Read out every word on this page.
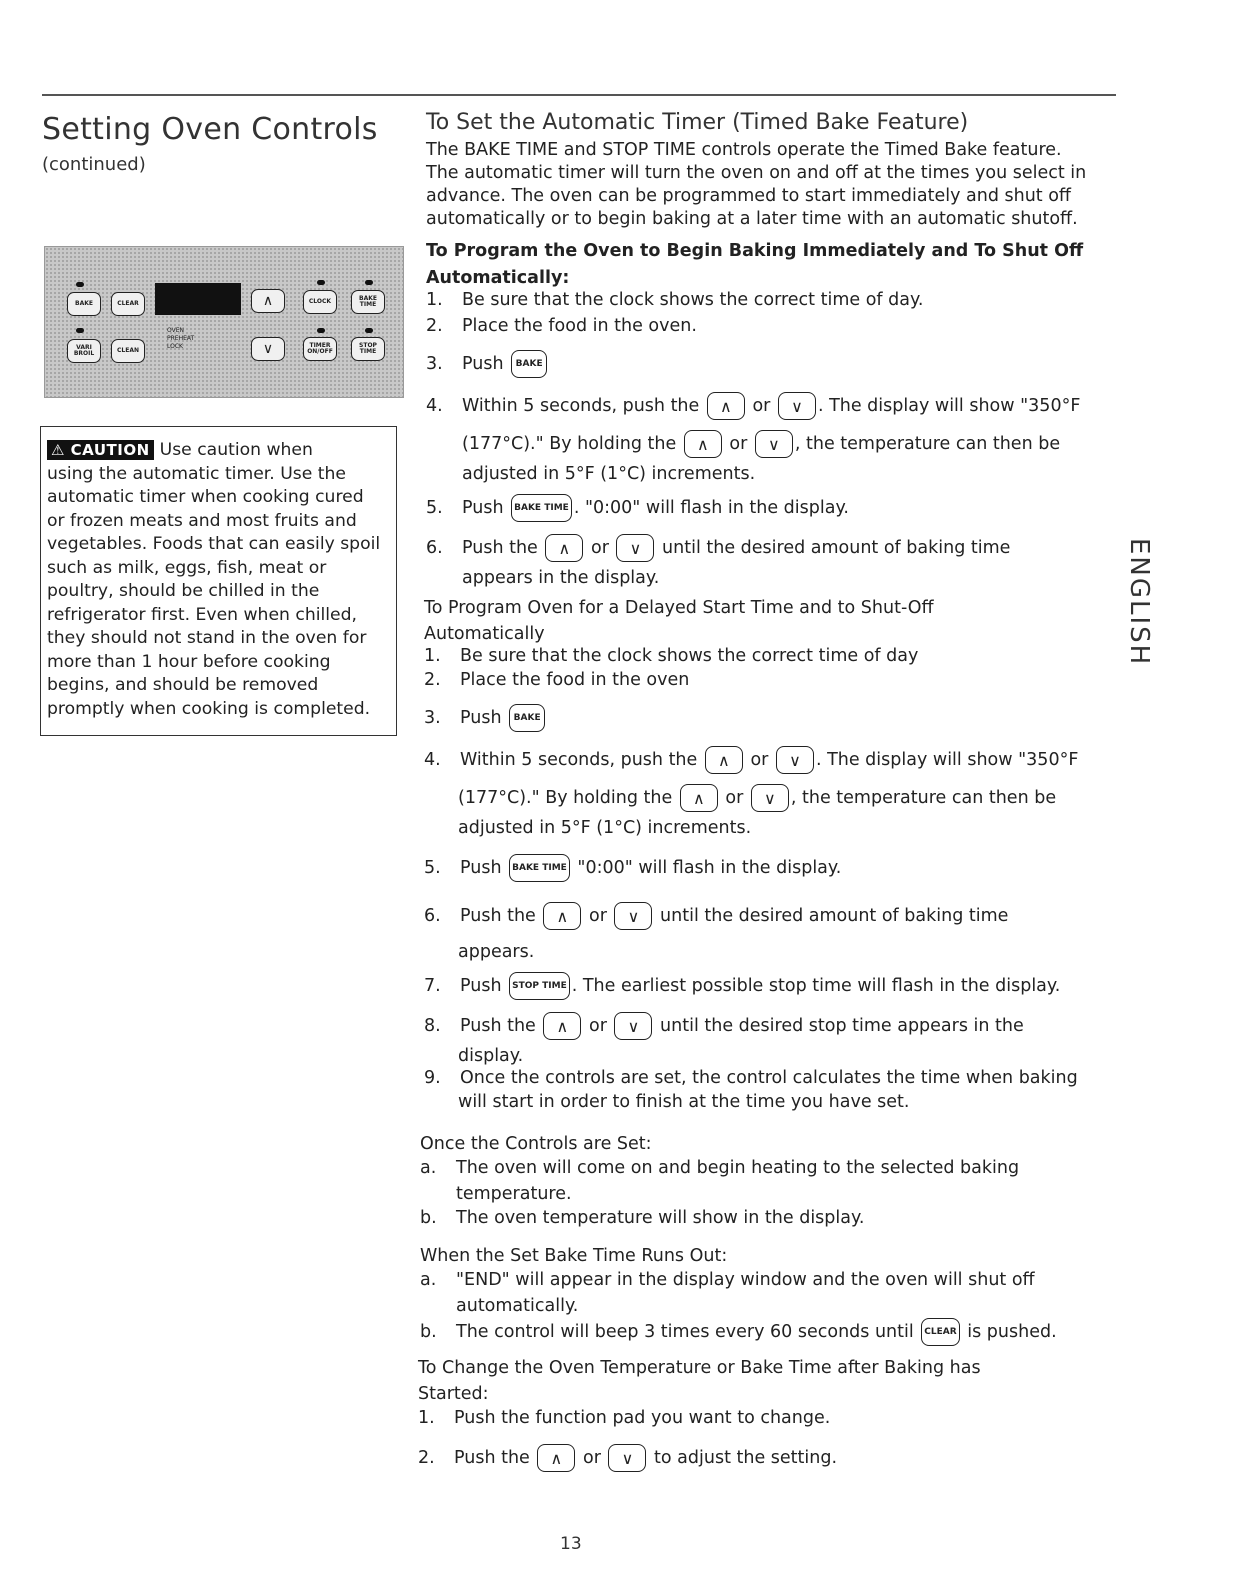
Setting Oven Controls
(continued)
BAKE	CLEAR
VARI BROIL	CLEAN
OVEN
PREHEAT
LOCK
∧
∨
CLOCK	BAKE TIME
TIMER ON/OFF
STOP TIME
⚠ CAUTION Use caution when
using the automatic timer. Use the
automatic timer when cooking cured
or frozen meats and most fruits and
vegetables. Foods that can easily spoil
such as milk, eggs, fish, meat or
poultry, should be chilled in the
refrigerator first. Even when chilled,
they should not stand in the oven for
more than 1 hour before cooking
begins, and should be removed
promptly when cooking is completed.
To Set the Automatic Timer (Timed Bake Feature)
The BAKE TIME and STOP TIME controls operate the Timed Bake feature.
The automatic timer will turn the oven on and off at the times you select in
advance. The oven can be programmed to start immediately and shut off
automatically or to begin baking at a later time with an automatic shutoff.
To Program the Oven to Begin Baking Immediately and To Shut Off
Automatically:
1. Be sure that the clock shows the correct time of day.
2. Place the food in the oven.
3. Push BAKE
4. Within 5 seconds, push the ∧ or ∨ . The display will show "350°F
(177°C)." By holding the ∧ or ∨ , the temperature can then be
adjusted in 5°F (1°C) increments.
5. Push BAKE TIME . "0:00" will flash in the display.
6. Push the ∧ or ∨ until the desired amount of baking time
appears in the display.
To Program Oven for a Delayed Start Time and to Shut-Off
Automatically
1. Be sure that the clock shows the correct time of day
2. Place the food in the oven
3. Push BAKE
4. Within 5 seconds, push the ∧ or ∨ . The display will show "350°F
(177°C)." By holding the ∧ or ∨ , the temperature can then be
adjusted in 5°F (1°C) increments.
5. Push BAKE TIME "0:00" will flash in the display.
6. Push the ∧ or ∨ until the desired amount of baking time
appears.
7. Push STOP TIME . The earliest possible stop time will flash in the display.
8. Push the ∧ or ∨ until the desired stop time appears in the
display.
9. Once the controls are set, the control calculates the time when baking
will start in order to finish at the time you have set.
Once the Controls are Set:
a. The oven will come on and begin heating to the selected baking
temperature.
b. The oven temperature will show in the display.
When the Set Bake Time Runs Out:
a. "END" will appear in the display window and the oven will shut off
automatically.
b. The control will beep 3 times every 60 seconds until CLEAR is pushed.
To Change the Oven Temperature or Bake Time after Baking has
Started:
1. Push the function pad you want to change.
2. Push the ∧ or ∨ to adjust the setting.
ENGLISH
13
